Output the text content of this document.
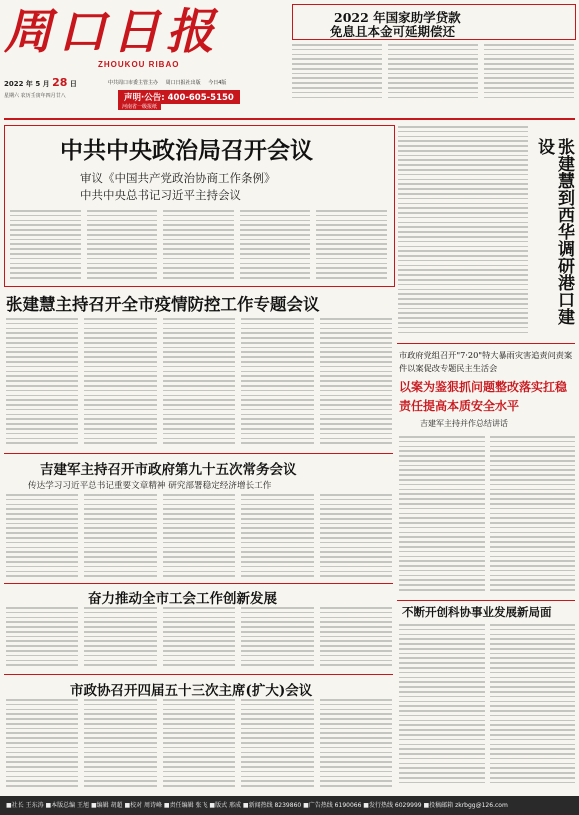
周口日报
ZHOUKOU RIBAO
2022 年 5 月 28 日
星期六 农历壬寅年四月廿八
中共周口市委主管主办 周口日报社出版 今日4版
声明·公告: 400-605-5150
河南省一级报纸
2022 年国家助学贷款
免息且本金可延期偿还
中共中央政治局召开会议
审议《中国共产党政治协商工作条例》
中共中央总书记习近平主持会议	张建慧到西华调研港口建设
张建慧主持召开全市疫情防控工作专题会议
市政府党组召开"7·20"特大暴雨灾害追责问责案件以案促改专题民主生活会
以案为鉴狠抓问题整改落实扛稳责任提高本质安全水平
吉建军主持并作总结讲话
吉建军主持召开市政府第九十五次常务会议
传达学习习近平总书记重要文章精神 研究部署稳定经济增长工作
奋力推动全市工会工作创新发展
不断开创科协事业发展新局面
市政协召开四届五十三次主席(扩大)会议
■社长 王东涛 ■本版总编 王旭 ■编辑 胡超 ■校对 周诗峰 ■责任编辑 张飞 ■版式 邢成 ■新闻热线 8239860 ■广告热线 6190066 ■发行热线 6029999 ■投稿邮箱 zkrbgg@126.com
